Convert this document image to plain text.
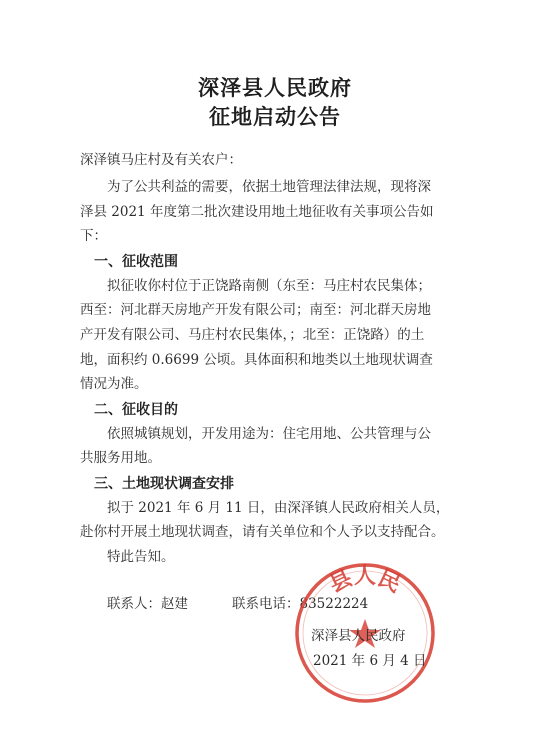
深泽县人民政府
征地启动公告
深泽镇马庄村及有关农户：
为了公共利益的需要，依据土地管理法律法规，现将深
泽县 2021 年度第二批次建设用地土地征收有关事项公告如
下：
一、征收范围
拟征收你村位于正饶路南侧（东至：马庄村农民集体；
西至：河北群天房地产开发有限公司；南至：河北群天房地
产开发有限公司、马庄村农民集体，；北至：正饶路）的土
地，面积约 0.6699 公顷。具体面积和地类以土地现状调查
情况为准。
二、征收目的
依照城镇规划，开发用途为：住宅用地、公共管理与公
共服务用地。
三、土地现状调查安排
拟于 2021 年 6 月 11 日，由深泽镇人民政府相关人员，
赴你村开展土地现状调查，请有关单位和个人予以支持配合。
特此告知。
联系人：赵建	联系电话：83522224
县人民
深泽县人民政府
2021 年 6 月 4 日
